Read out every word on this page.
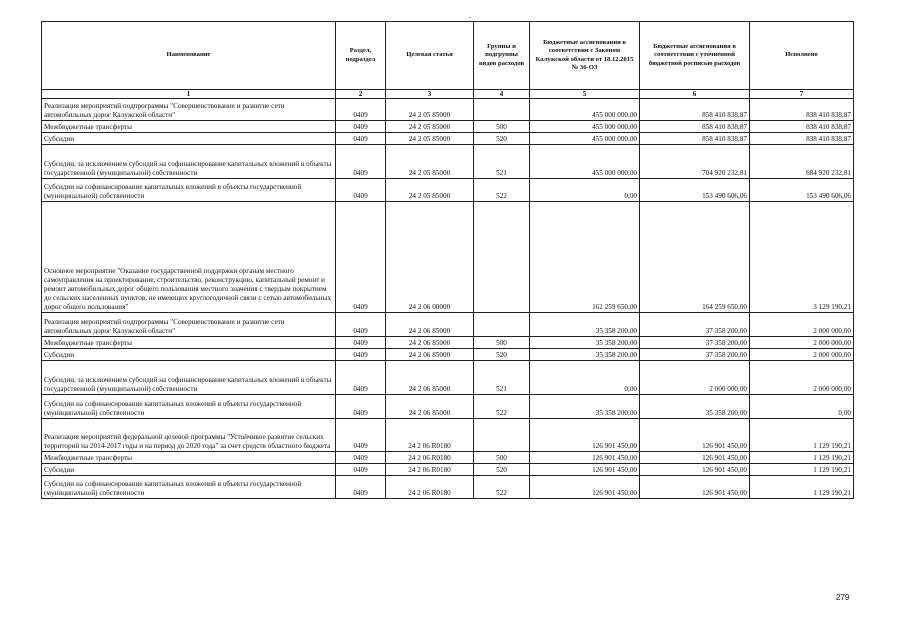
Наименование	Раздел, подраздел	Целевая статья	Группы и подгруппы видов расходов	Бюджетные ассигнования в соответствии с Законом Калужской области от 18.12.2015 № 36-ОЗ	Бюджетные ассигнования в соответствии с уточненной бюджетной росписью расходов	Исполнено
1	2	3	4	5	6	7
Реализация мероприятий подпрограммы "Совершенствование и развитие сети автомобильных дорог Калужской области"	0409	24 2 05 85000		455 000 000,00	858 410 838,87	838 410 838,87
Межбюджетные трансферты	0409	24 2 05 85000	500	455 000 000,00	858 410 838,87	838 410 838,87
Субсидии	0409	24 2 05 85000	520	455 000 000,00	858 410 838,87	838 410 838,87
Субсидии, за исключением субсидий на софинансирование капитальных вложений в объекты государственной (муниципальной) собственности	0409	24 2 05 85000	521	455 000 000,00	704 920 232,81	684 920 232,81
Субсидии на софинансирование капитальных вложений в объекты государственной (муниципальной) собственности	0409	24 2 05 85000	522	0,00	153 490 606,06	153 490 606,06
Основное мероприятие "Оказание государственной поддержки органам местного самоуправления на проектирование, строительство, реконструкцию, капитальный ремонт и ремонт автомобильных дорог общего пользования местного значения с твердым покрытием до сельских населенных пунктов, не имеющих круглогодичной связи с сетью автомобильных дорог общего пользования"	0409	24 2 06 00000		162 259 650,00	164 259 650,00	3 129 190,21
Реализация мероприятий подпрограммы "Совершенствование и развитие сети автомобильных дорог Калужской области"	0409	24 2 06 85000		35 358 200,00	37 358 200,00	2 000 000,00
Межбюджетные трансферты	0409	24 2 06 85000	500	35 358 200,00	37 358 200,00	2 000 000,00
Субсидии	0409	24 2 06 85000	520	35 358 200,00	37 358 200,00	2 000 000,00
Субсидии, за исключением субсидий на софинансирование капитальных вложений в объекты государственной (муниципальной) собственности	0409	24 2 06 85000	521	0,00	2 000 000,00	2 000 000,00
Субсидии на софинансирование капитальных вложений в объекты государственной (муниципальной) собственности	0409	24 2 06 85000	522	35 358 200,00	35 358 200,00	0,00
Реализация мероприятий федеральной целевой программы "Устойчивое развитие сельских территорий на 2014-2017 годы и на период до 2020 года" за счет средств областного бюджета	0409	24 2 06 R0180		126 901 450,00	126 901 450,00	1 129 190,21
Межбюджетные трансферты	0409	24 2 06 R0180	500	126 901 450,00	126 901 450,00	1 129 190,21
Субсидии	0409	24 2 06 R0180	520	126 901 450,00	126 901 450,00	1 129 190,21
Субсидии на софинансирование капитальных вложений в объекты государственной (муниципальной) собственности	0409	24 2 06 R0180	522	126 901 450,00	126 901 450,00	1 129 190,21
279
